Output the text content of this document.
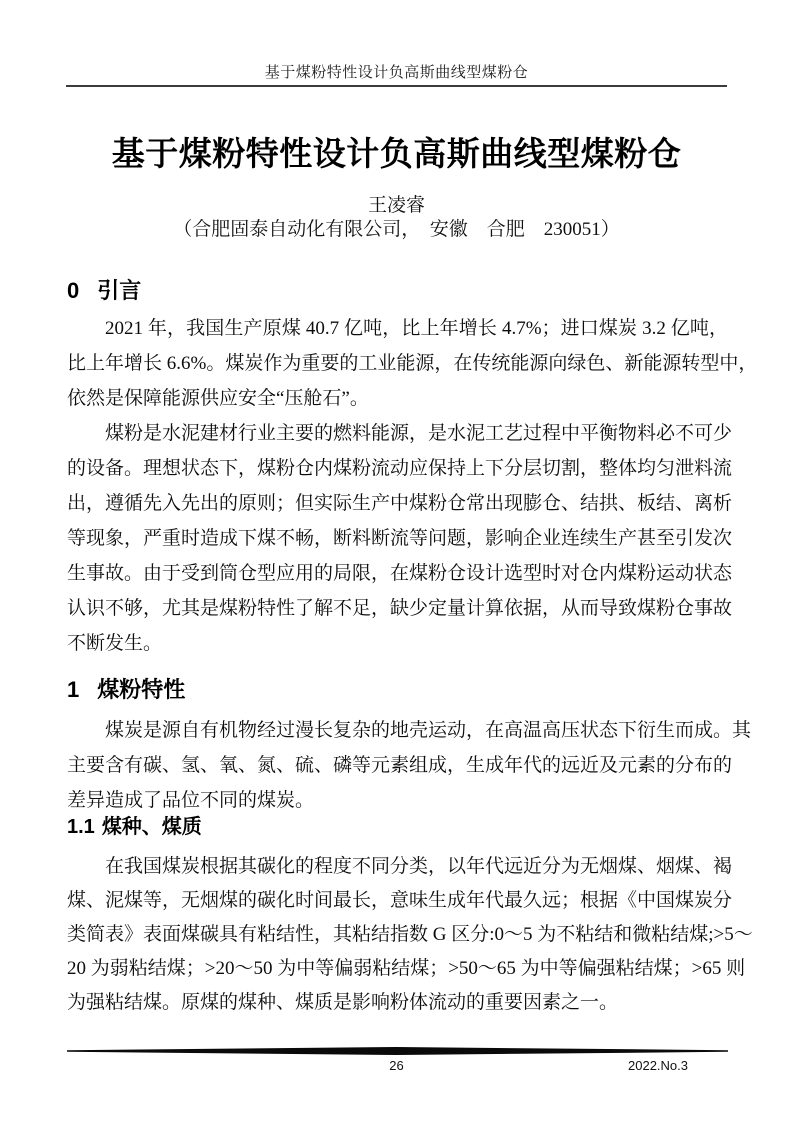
基于煤粉特性设计负高斯曲线型煤粉仓
基于煤粉特性设计负高斯曲线型煤粉仓
王凌睿
（合肥固泰自动化有限公司，　安徽　合肥　230051）
0 引言
2021 年，我国生产原煤 40.7 亿吨，比上年增长 4.7%；进口煤炭 3.2 亿吨，
比上年增长 6.6%。煤炭作为重要的工业能源，在传统能源向绿色、新能源转型中，
依然是保障能源供应安全“压舱石”。
煤粉是水泥建材行业主要的燃料能源，是水泥工艺过程中平衡物料必不可少
的设备。理想状态下，煤粉仓内煤粉流动应保持上下分层切割，整体均匀泄料流
出，遵循先入先出的原则；但实际生产中煤粉仓常出现膨仓、结拱、板结、离析
等现象，严重时造成下煤不畅，断料断流等问题，影响企业连续生产甚至引发次
生事故。由于受到筒仓型应用的局限，在煤粉仓设计选型时对仓内煤粉运动状态
认识不够，尤其是煤粉特性了解不足，缺少定量计算依据，从而导致煤粉仓事故
不断发生。
1 煤粉特性
煤炭是源自有机物经过漫长复杂的地壳运动，在高温高压状态下衍生而成。其
主要含有碳、氢、氧、氮、硫、磷等元素组成，生成年代的远近及元素的分布的
差异造成了品位不同的煤炭。
1.1 煤种、煤质
在我国煤炭根据其碳化的程度不同分类，以年代远近分为无烟煤、烟煤、褐
煤、泥煤等，无烟煤的碳化时间最长，意味生成年代最久远；根据《中国煤炭分
类简表》表面煤碳具有粘结性，其粘结指数 G 区分:0～5 为不粘结和微粘结煤;>5～
20 为弱粘结煤；>20～50 为中等偏弱粘结煤；>50～65 为中等偏强粘结煤；>65 则
为强粘结煤。原煤的煤种、煤质是影响粉体流动的重要因素之一。
26	2022.No.3
